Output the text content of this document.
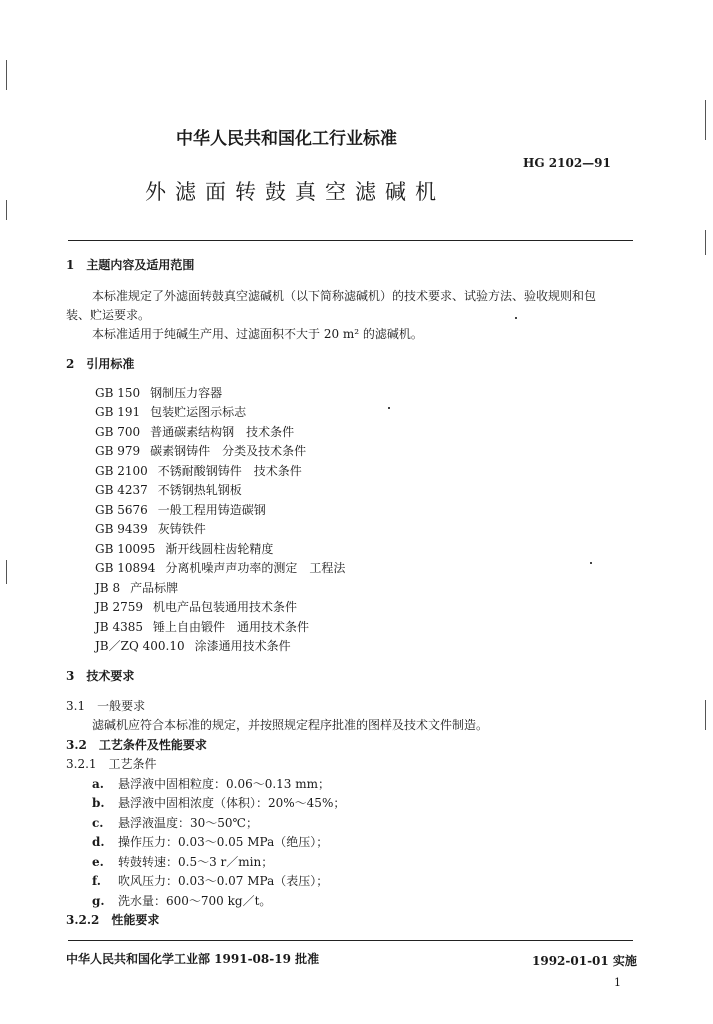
中华人民共和国化工行业标准
HG 2102—91
外滤面转鼓真空滤碱机
1　主题内容及适用范围
本标准规定了外滤面转鼓真空滤碱机（以下简称滤碱机）的技术要求、试验方法、验收规则和包
装、贮运要求。
本标准适用于纯碱生产用、过滤面积不大于 20 m² 的滤碱机。
2　引用标准
GB 150 钢制压力容器
GB 191 包装贮运图示标志
GB 700 普通碳素结构钢　技术条件
GB 979 碳素钢铸件　分类及技术条件
GB 2100 不锈耐酸钢铸件　技术条件
GB 4237 不锈钢热轧钢板
GB 5676 一般工程用铸造碳钢
GB 9439 灰铸铁件
GB 10095 渐开线圆柱齿轮精度
GB 10894 分离机噪声声功率的测定　工程法
JB 8 产品标牌
JB 2759 机电产品包装通用技术条件
JB 4385 锤上自由锻件　通用技术条件
JB／ZQ 400.10 涂漆通用技术条件
3　技术要求
3.1　一般要求
滤碱机应符合本标准的规定，并按照规定程序批准的图样及技术文件制造。
3.2　工艺条件及性能要求
3.2.1　工艺条件
a. 悬浮液中固相粒度：0.06～0.13 mm；
b. 悬浮液中固相浓度（体积）：20%～45%；
c. 悬浮液温度：30～50℃；
d. 操作压力：0.03～0.05 MPa（绝压）；
e. 转鼓转速：0.5～3 r／min；
f. 吹风压力：0.03～0.07 MPa（表压）；
g. 洗水量：600～700 kg／t。
3.2.2　性能要求
中华人民共和国化学工业部 1991-08-19 批准	1992-01-01 实施
1
